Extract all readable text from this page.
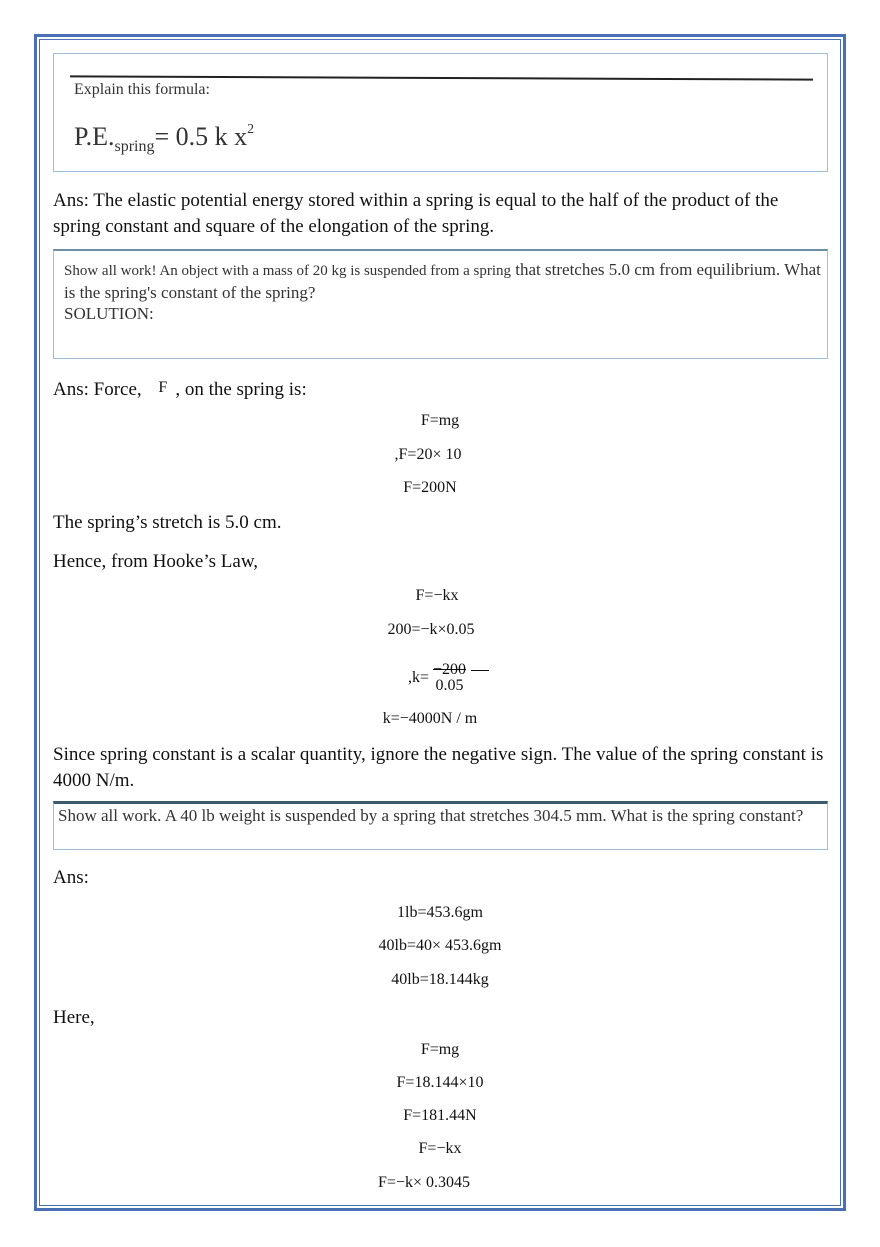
Explain this formula:
$P.E._{spring}= 0.5$ k $x^2$

Ans: The elastic potential energy stored within a spring is equal to the half of the product of the spring constant and square of the elongation of the spring.

Show all work! An object with a mass of 20 kg is suspended from a spring that stretches 5.0 cm from equilibrium. What is the spring's constant of the spring?
SOLUTION:

Ans: Force, F , on the spring is:

F=mg
,F=20× 10
F=200N

The spring’s stretch is 5.0 cm.

Hence, from Hooke’s Law,

F=−kx
200=−k×0.05
,k= −200
0.05
k=−4000N / m

Since spring constant is a scalar quantity, ignore the negative sign. The value of the spring constant is 4000 N/m.

Show all work. A 40 lb weight is suspended by a spring that stretches 304.5 mm. What is the spring constant?

Ans:

1lb=453.6gm
40lb=40× 453.6gm
40lb=18.144kg

Here,

F=mg
F=18.144×10
F=181.44N
F=−kx
F=−k× 0.3045
